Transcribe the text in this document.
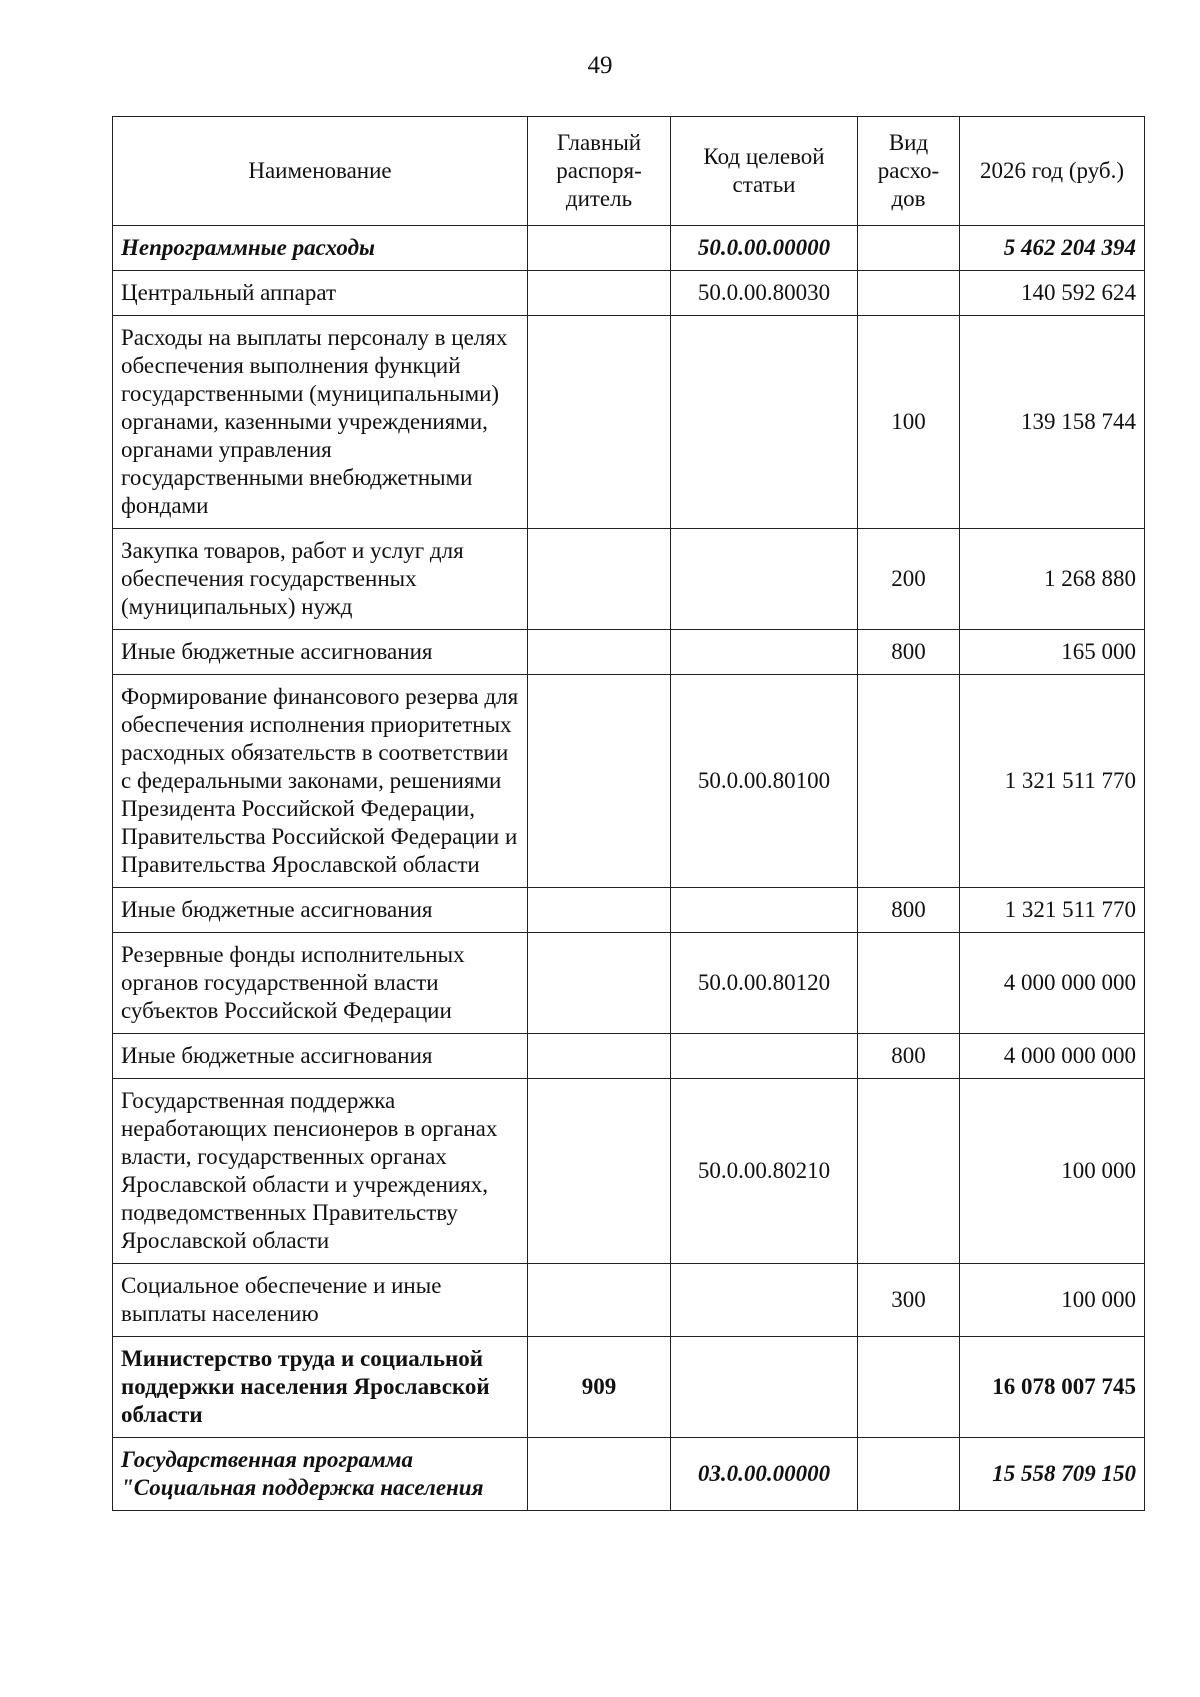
49
Наименование	Главный распоря-дитель	Код целевой статьи	Вид расхо-дов	2026 год (руб.)
Непрограммные расходы		50.0.00.00000		5 462 204 394
Центральный аппарат		50.0.00.80030		140 592 624
Расходы на выплаты персоналу в целях обеспечения выполнения функций государственными (муниципальными) органами, казенными учреждениями, органами управления государственными внебюджетными фондами			100	139 158 744
Закупка товаров, работ и услуг для обеспечения государственных (муниципальных) нужд			200	1 268 880
Иные бюджетные ассигнования			800	165 000
Формирование финансового резерва для обеспечения исполнения приоритетных расходных обязательств в соответствии с федеральными законами, решениями Президента Российской Федерации, Правительства Российской Федерации и Правительства Ярославской области		50.0.00.80100		1 321 511 770
Иные бюджетные ассигнования			800	1 321 511 770
Резервные фонды исполнительных органов государственной власти субъектов Российской Федерации		50.0.00.80120		4 000 000 000
Иные бюджетные ассигнования			800	4 000 000 000
Государственная поддержка неработающих пенсионеров в органах власти, государственных органах Ярославской области и учреждениях, подведомственных Правительству Ярославской области		50.0.00.80210		100 000
Социальное обеспечение и иные выплаты населению			300	100 000
Министерство труда и социальной поддержки населения Ярославской области	909			16 078 007 745
Государственная программа "Социальная поддержка населения		03.0.00.00000		15 558 709 150
